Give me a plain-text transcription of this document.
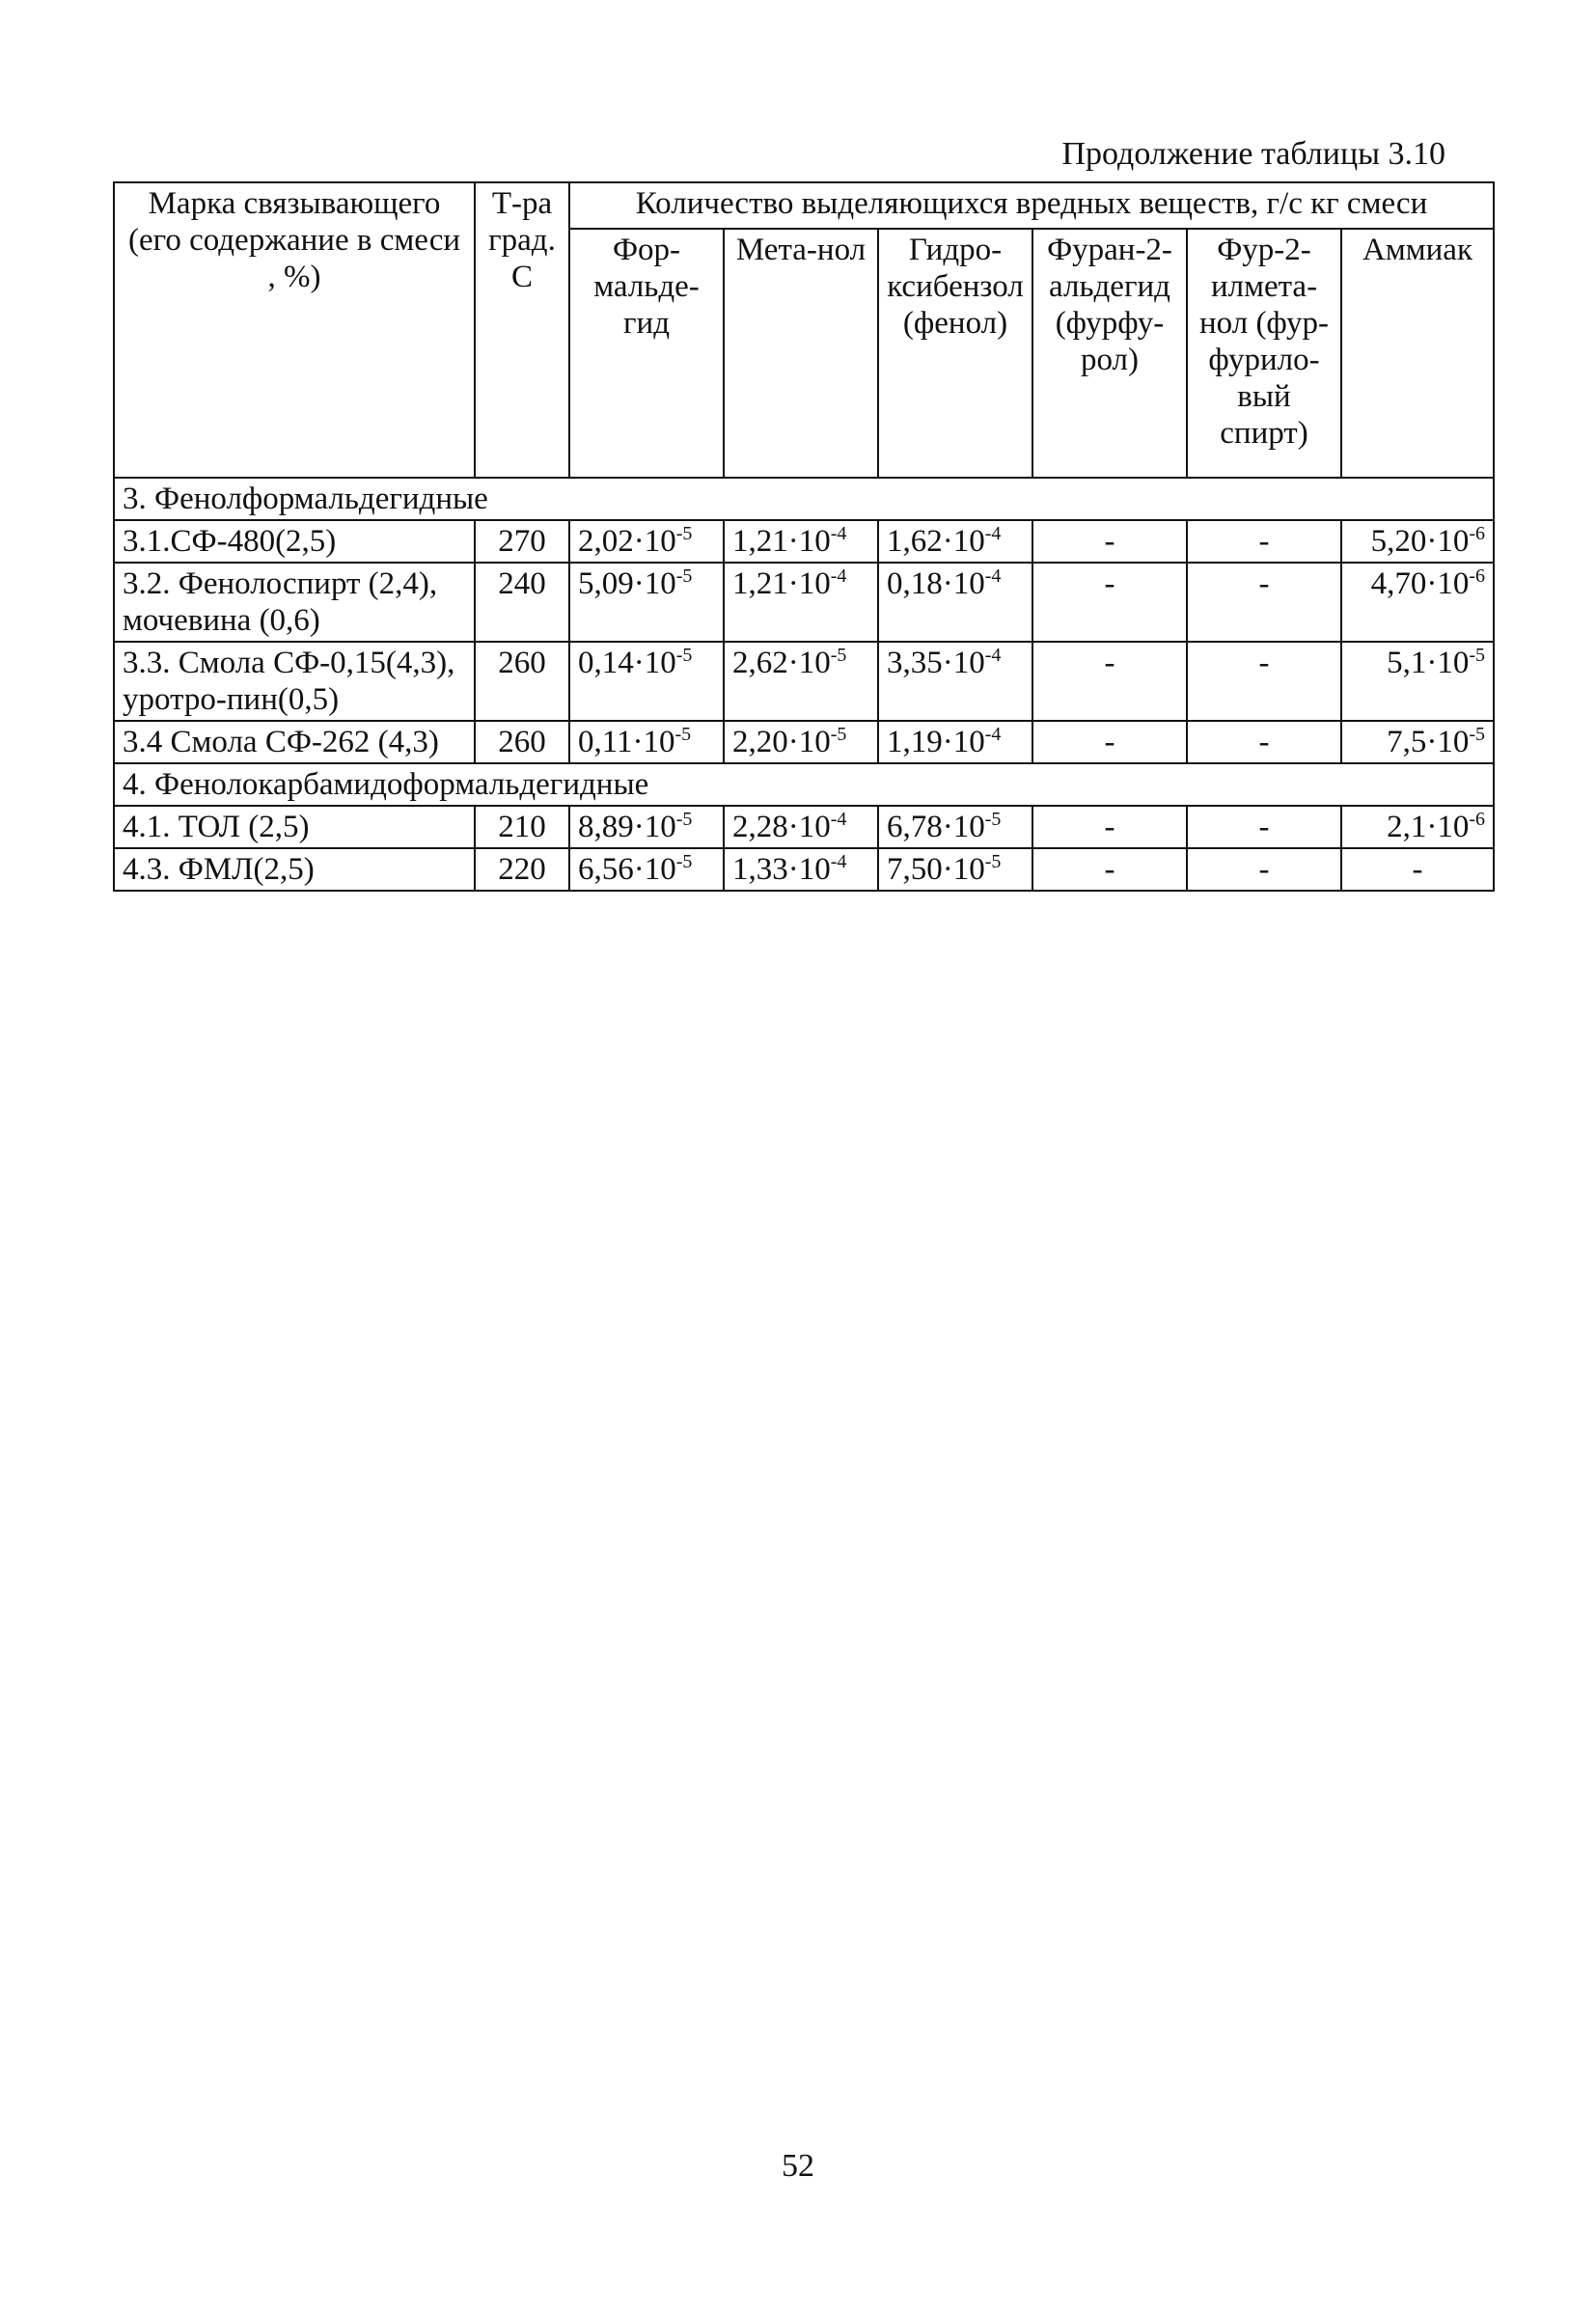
Продолжение таблицы 3.10
Марка связывающего (его содержание в смеси , %)	Т-ра град. С	Количество выделяющихся вредных веществ, г/с кг смеси					
		Фор-мальде-гид	Мета-нол	Гидро-ксибензол (фенол)	Фуран-2-альдегид (фурфу-рол)	Фур-2-илмета-нол (фур-фурило-вый спирт)	Аммиак
3. Фенолформальдегидные							
3.1.СФ-480(2,5)	270	$2,02\cdot 10^{-5}$	$1,21\cdot 10^{-4}$	$1,62\cdot 10^{-4}$	-	-	$5,20\cdot 10^{-6}$
3.2. Фенолоспирт (2,4), мочевина (0,6)	240	$5,09\cdot 10^{-5}$	$1,21\cdot 10^{-4}$	$0,18\cdot 10^{-4}$	-	-	$4,70\cdot 10^{-6}$
3.3. Смола СФ-0,15(4,3), уротро-пин(0,5)	260	$0,14\cdot 10^{-5}$	$2,62\cdot 10^{-5}$	$3,35\cdot 10^{-4}$	-	-	$5,1\cdot 10^{-5}$
3.4 Смола СФ-262 (4,3)	260	$0,11\cdot 10^{-5}$	$2,20\cdot 10^{-5}$	$1,19\cdot 10^{-4}$	-	-	$7,5\cdot 10^{-5}$
4. Фенолокарбамидоформальдегидные							
4.1. ТОЛ (2,5)	210	$8,89\cdot 10^{-5}$	$2,28\cdot 10^{-4}$	$6,78\cdot 10^{-5}$	-	-	$2,1\cdot 10^{-6}$
4.3. ФМЛ(2,5)	220	$6,56\cdot 10^{-5}$	$1,33\cdot 10^{-4}$	$7,50\cdot 10^{-5}$	-	-	-
52
